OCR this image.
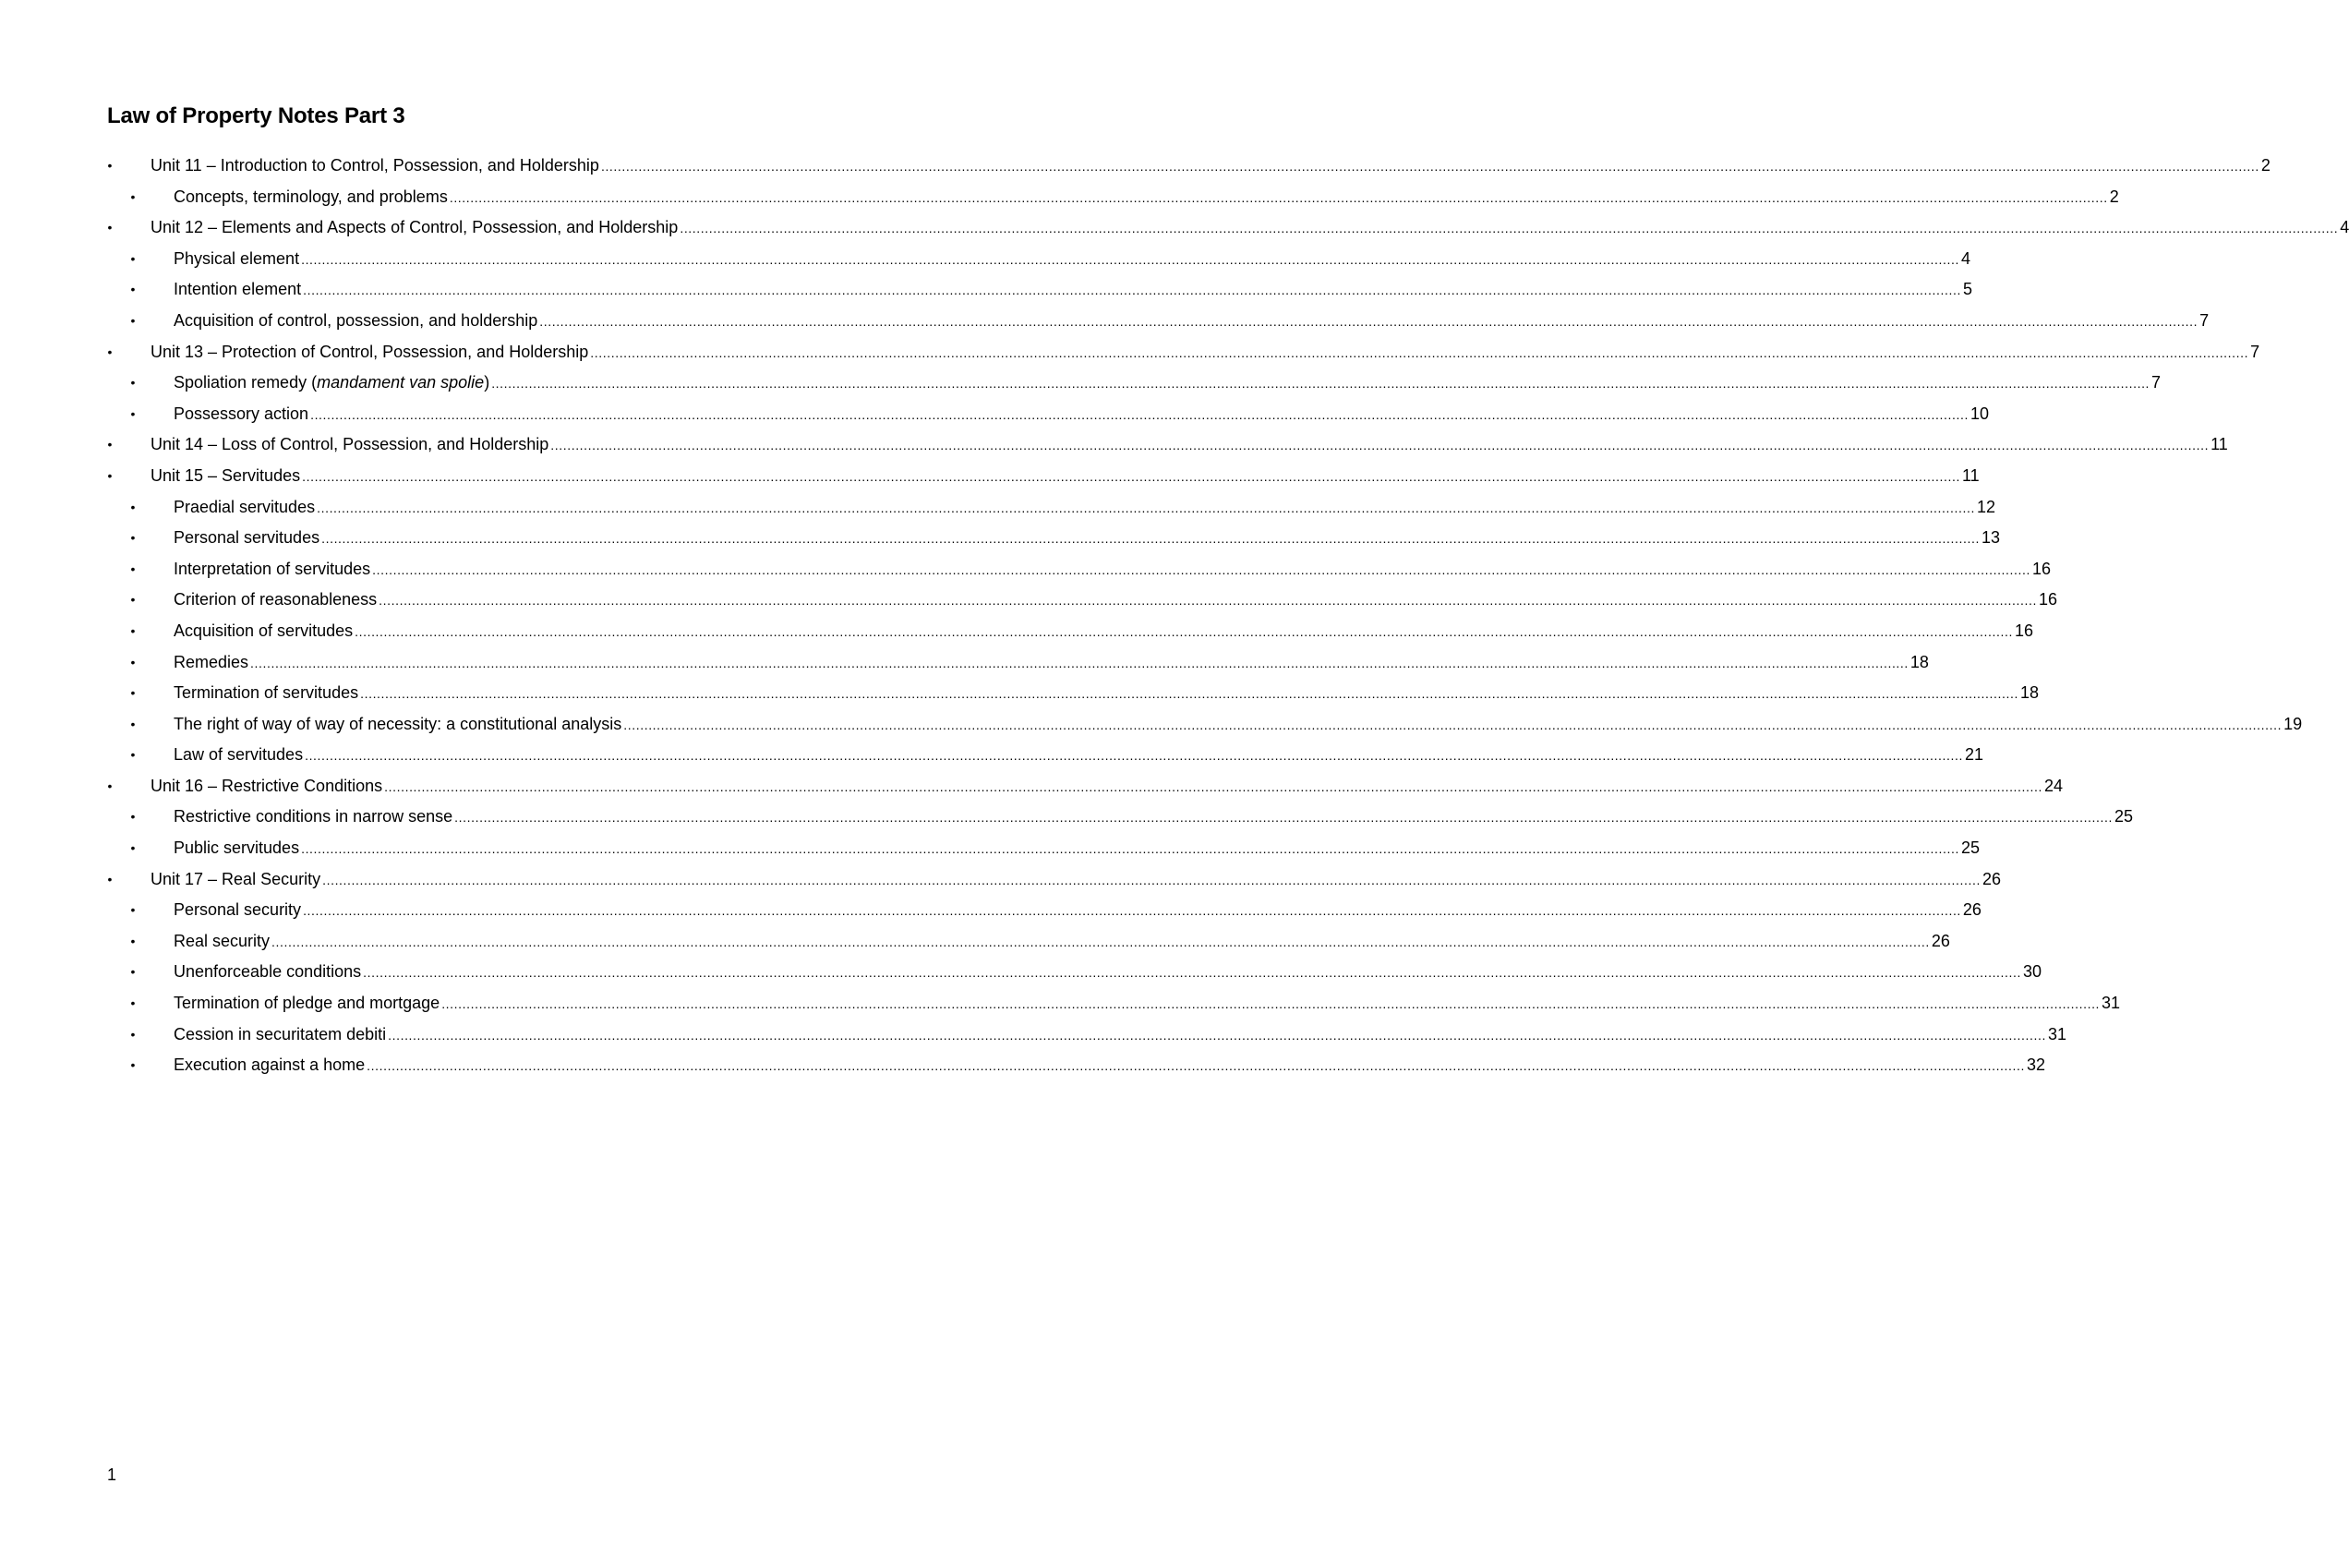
Law of Property Notes Part 3
• Unit 11 – Introduction to Control, Possession, and Holdership ................................................................................................................................................................................................................................................................................................................................................................................................................ 2
• Concepts, terminology, and problems ................................................................................................................................................................................................................................................................................................................................................................................................................ 2
• Unit 12 – Elements and Aspects of Control, Possession, and Holdership ................................................................................................................................................................................................................................................................................................................................................................................................................ 4
• Physical element ................................................................................................................................................................................................................................................................................................................................................................................................................ 4
• Intention element ................................................................................................................................................................................................................................................................................................................................................................................................................ 5
• Acquisition of control, possession, and holdership ................................................................................................................................................................................................................................................................................................................................................................................................................ 7
• Unit 13 – Protection of Control, Possession, and Holdership ................................................................................................................................................................................................................................................................................................................................................................................................................ 7
• Spoliation remedy (mandament van spolie) ................................................................................................................................................................................................................................................................................................................................................................................................................ 7
• Possessory action ................................................................................................................................................................................................................................................................................................................................................................................................................ 10
• Unit 14 – Loss of Control, Possession, and Holdership ................................................................................................................................................................................................................................................................................................................................................................................................................ 11
• Unit 15 – Servitudes ................................................................................................................................................................................................................................................................................................................................................................................................................ 11
• Praedial servitudes ................................................................................................................................................................................................................................................................................................................................................................................................................ 12
• Personal servitudes ................................................................................................................................................................................................................................................................................................................................................................................................................ 13
• Interpretation of servitudes ................................................................................................................................................................................................................................................................................................................................................................................................................ 16
• Criterion of reasonableness ................................................................................................................................................................................................................................................................................................................................................................................................................ 16
• Acquisition of servitudes ................................................................................................................................................................................................................................................................................................................................................................................................................ 16
• Remedies ................................................................................................................................................................................................................................................................................................................................................................................................................ 18
• Termination of servitudes ................................................................................................................................................................................................................................................................................................................................................................................................................ 18
• The right of way of way of necessity: a constitutional analysis ................................................................................................................................................................................................................................................................................................................................................................................................................ 19
• Law of servitudes ................................................................................................................................................................................................................................................................................................................................................................................................................ 21
• Unit 16 – Restrictive Conditions ................................................................................................................................................................................................................................................................................................................................................................................................................ 24
• Restrictive conditions in narrow sense ................................................................................................................................................................................................................................................................................................................................................................................................................ 25
• Public servitudes ................................................................................................................................................................................................................................................................................................................................................................................................................ 25
• Unit 17 – Real Security ................................................................................................................................................................................................................................................................................................................................................................................................................ 26
• Personal security ................................................................................................................................................................................................................................................................................................................................................................................................................ 26
• Real security ................................................................................................................................................................................................................................................................................................................................................................................................................ 26
• Unenforceable conditions ................................................................................................................................................................................................................................................................................................................................................................................................................ 30
• Termination of pledge and mortgage ................................................................................................................................................................................................................................................................................................................................................................................................................ 31
• Cession in securitatem debiti ................................................................................................................................................................................................................................................................................................................................................................................................................ 31
• Execution against a home ................................................................................................................................................................................................................................................................................................................................................................................................................ 32

1
